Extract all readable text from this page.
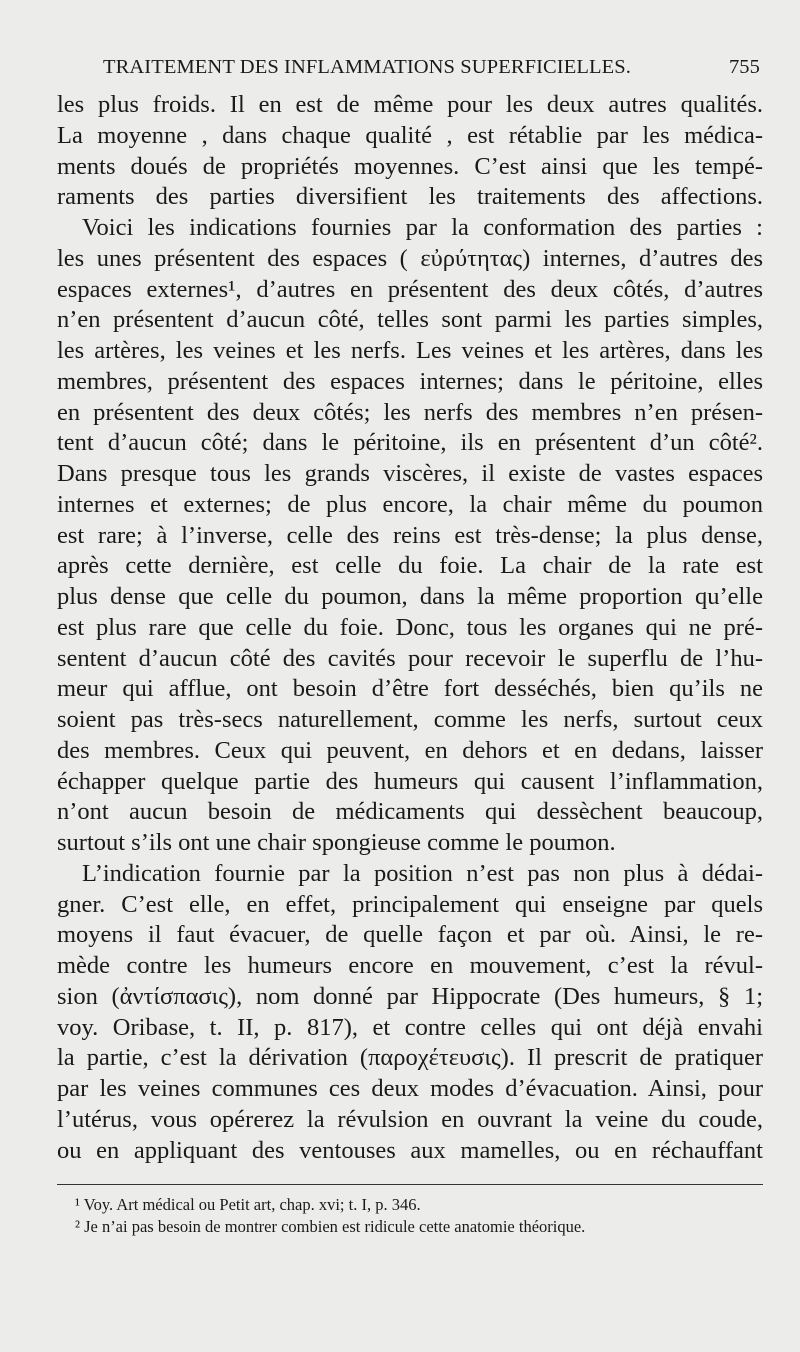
TRAITEMENT DES INFLAMMATIONS SUPERFICIELLES.	755
les plus froids. Il en est de même pour les deux autres qualités.
La moyenne , dans chaque qualité , est rétablie par les médica-
ments doués de propriétés moyennes. C’est ainsi que les tempé-
raments des parties diversifient les traitements des affections.
Voici les indications fournies par la conformation des parties :
les unes présentent des espaces ( εὐρύτητας) internes, d’autres des
espaces externes¹, d’autres en présentent des deux côtés, d’autres
n’en présentent d’aucun côté, telles sont parmi les parties simples,
les artères, les veines et les nerfs. Les veines et les artères, dans les
membres, présentent des espaces internes; dans le péritoine, elles
en présentent des deux côtés; les nerfs des membres n’en présen-
tent d’aucun côté; dans le péritoine, ils en présentent d’un côté².
Dans presque tous les grands viscères, il existe de vastes espaces
internes et externes; de plus encore, la chair même du poumon
est rare; à l’inverse, celle des reins est très-dense; la plus dense,
après cette dernière, est celle du foie. La chair de la rate est
plus dense que celle du poumon, dans la même proportion qu’elle
est plus rare que celle du foie. Donc, tous les organes qui ne pré-
sentent d’aucun côté des cavités pour recevoir le superflu de l’hu-
meur qui afflue, ont besoin d’être fort desséchés, bien qu’ils ne
soient pas très-secs naturellement, comme les nerfs, surtout ceux
des membres. Ceux qui peuvent, en dehors et en dedans, laisser
échapper quelque partie des humeurs qui causent l’inflammation,
n’ont aucun besoin de médicaments qui dessèchent beaucoup,
surtout s’ils ont une chair spongieuse comme le poumon.
L’indication fournie par la position n’est pas non plus à dédai-
gner. C’est elle, en effet, principalement qui enseigne par quels
moyens il faut évacuer, de quelle façon et par où. Ainsi, le re-
mède contre les humeurs encore en mouvement, c’est la révul-
sion (ἀντίσπασις), nom donné par Hippocrate (Des humeurs, § 1;
voy. Oribase, t. II, p. 817), et contre celles qui ont déjà envahi
la partie, c’est la dérivation (παροχέτευσις). Il prescrit de pratiquer
par les veines communes ces deux modes d’évacuation. Ainsi, pour
l’utérus, vous opérerez la révulsion en ouvrant la veine du coude,
ou en appliquant des ventouses aux mamelles, ou en réchauffant
¹ Voy. Art médical ou Petit art, chap. xvi; t. I, p. 346.
² Je n’ai pas besoin de montrer combien est ridicule cette anatomie théorique.
